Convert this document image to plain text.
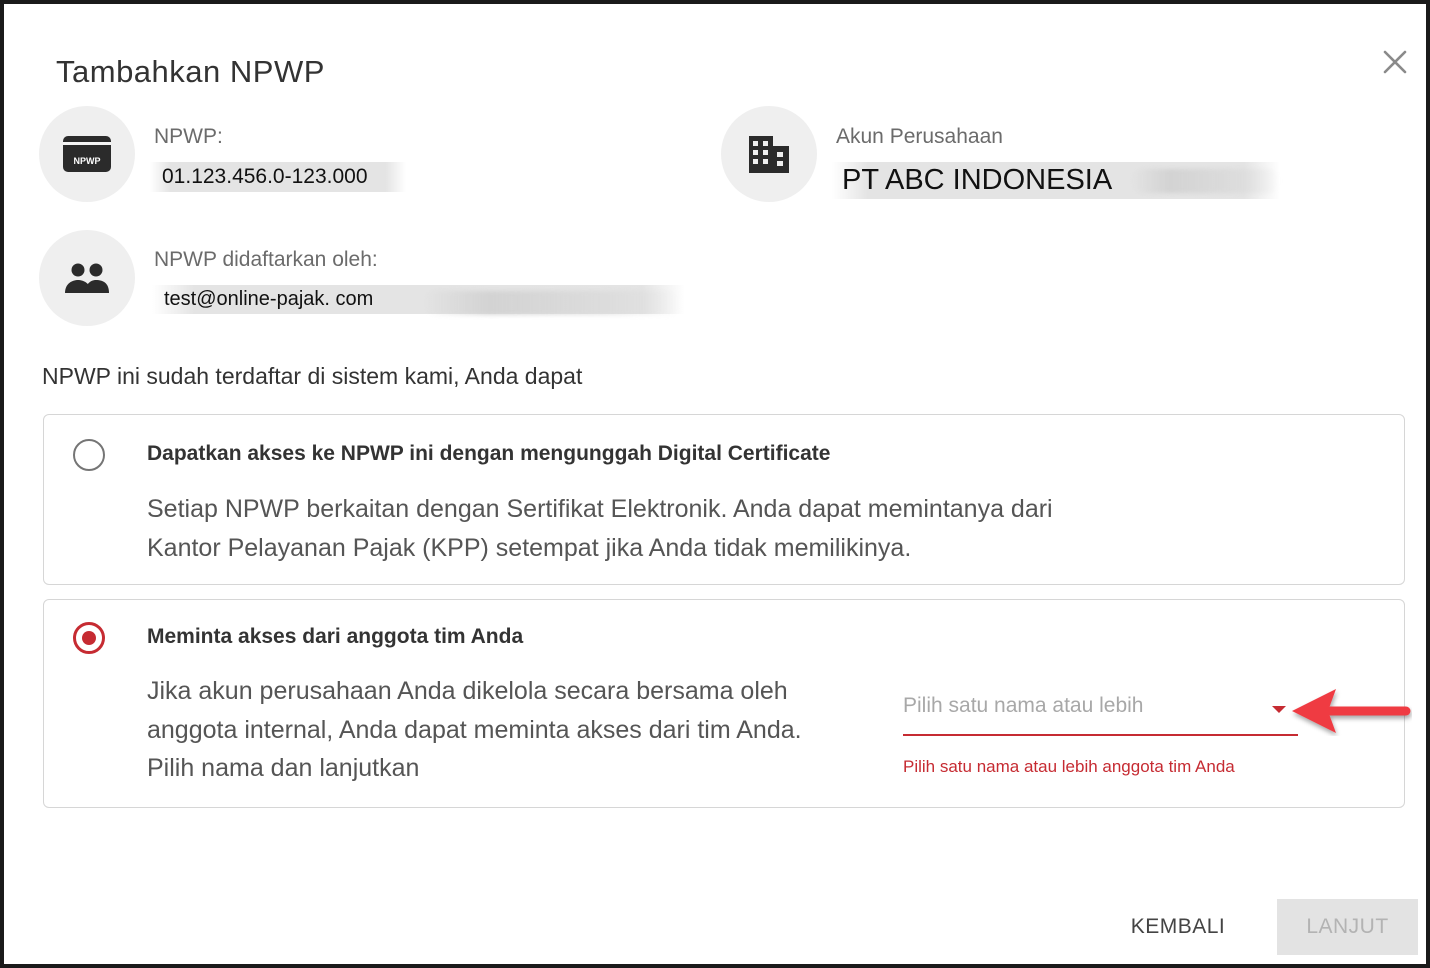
Tambahkan NPWP
NPWP
NPWP:
01.123.456.0-123.000
Akun Perusahaan
PT ABC INDONESIA
NPWP didaftarkan oleh:
test@online-pajak. com
NPWP ini sudah terdaftar di sistem kami, Anda dapat
Dapatkan akses ke NPWP ini dengan mengunggah Digital Certificate
Setiap NPWP berkaitan dengan Sertifikat Elektronik. Anda dapat memintanya dari
Kantor Pelayanan Pajak (KPP) setempat jika Anda tidak memilikinya.
Meminta akses dari anggota tim Anda
Jika akun perusahaan Anda dikelola secara bersama oleh
anggota internal, Anda dapat meminta akses dari tim Anda.
Pilih nama dan lanjutkan
Pilih satu nama atau lebih
Pilih satu nama atau lebih anggota tim Anda
KEMBALI	LANJUT
